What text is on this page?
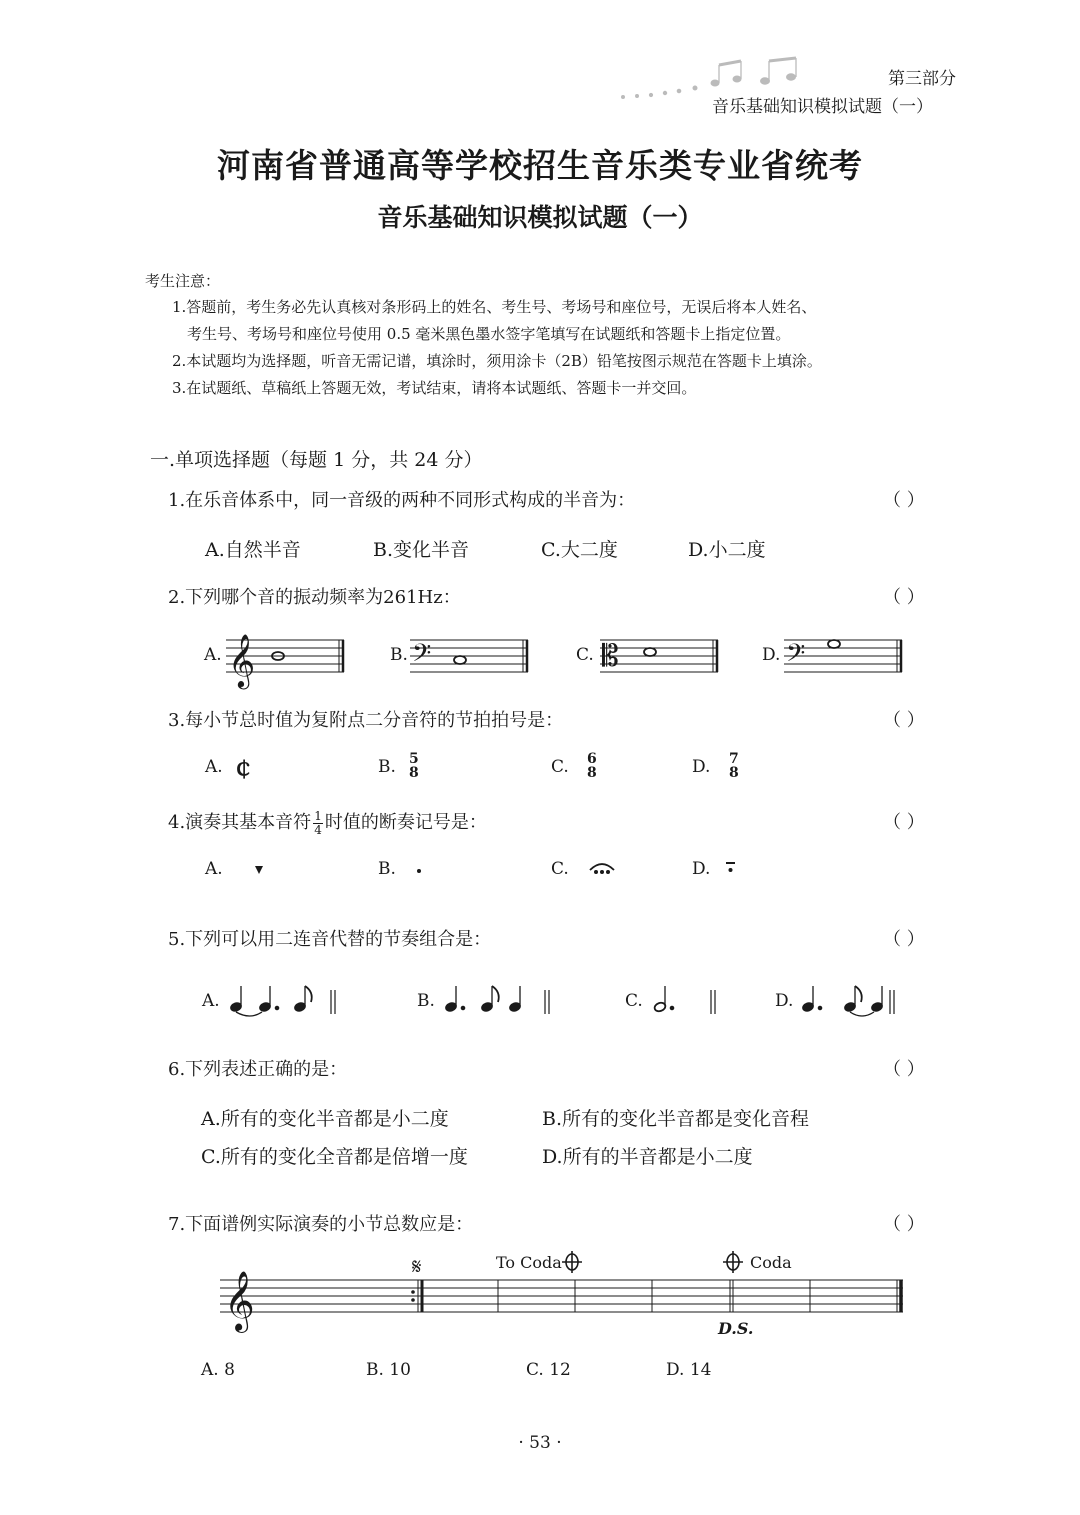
第三部分
音乐基础知识模拟试题（一）
河南省普通高等学校招生音乐类专业省统考
音乐基础知识模拟试题（一）
考生注意：
1.答题前，考生务必先认真核对条形码上的姓名、考生号、考场号和座位号，无误后将本人姓名、
考生号、考场号和座位号使用 0.5 毫米黑色墨水签字笔填写在试题纸和答题卡上指定位置。
2.本试题均为选择题，听音无需记谱，填涂时，须用涂卡（2B）铅笔按图示规范在答题卡上填涂。
3.在试题纸、草稿纸上答题无效，考试结束，请将本试题纸、答题卡一并交回。
一.单项选择题（每题 1 分，共 24 分）
1.在乐音体系中，同一音级的两种不同形式构成的半音为：	（ ）
A.自然半音	B.变化半音	C.大二度	D.小二度
2.下列哪个音的振动频率为261Hz：	（ ）
A. 𝄞	B. 𝄢	C. 𝄡	D. 𝄢
3.每小节总时值为复附点二分音符的节拍拍号是：	（ ）
A. ￠	B. 5
8	C. 6
8	D. 7
8
4.演奏其基本音符 $\frac{1}{4}$ 时值的断奏记号是：	（ ）
A.	B.	C.	D.
5.下列可以用二连音代替的节奏组合是：	（ ）
A.	B.	C.	D.
6.下列表述正确的是：	（ ）
A.所有的变化半音都是小二度	B.所有的变化半音都是变化音程
C.所有的变化全音都是倍增一度	D.所有的半音都是小二度
7.下面谱例实际演奏的小节总数应是：	（ ）
𝄞
𝄋	To Coda	Coda
D.S.
A. 8	B. 10	C. 12	D. 14
· 53 ·
